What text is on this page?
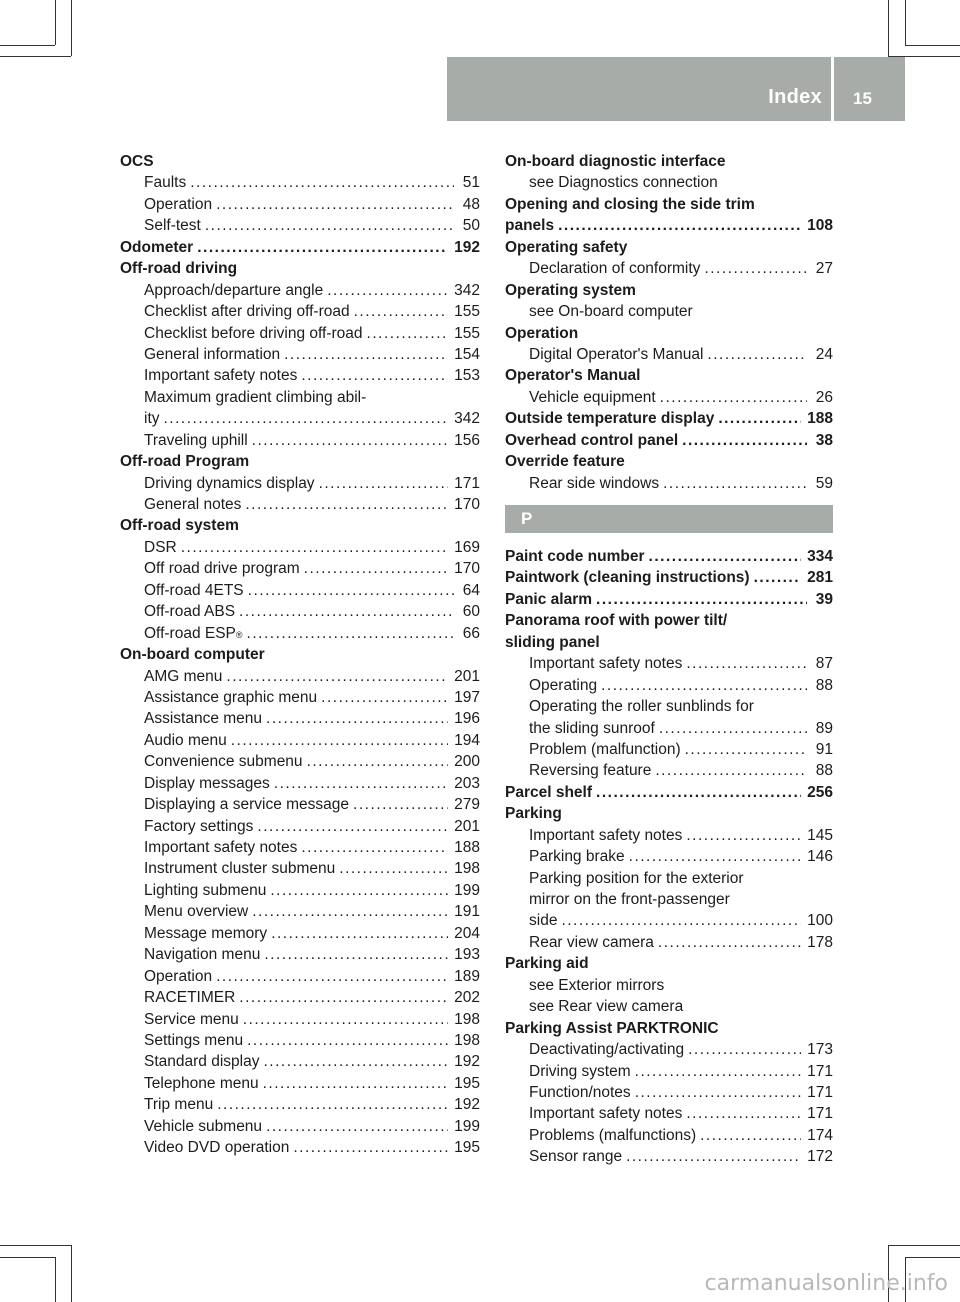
Index 15
OCS
Faults .....	51
Operation .....	48
Self-test .....	50
Odometer .....	192
Off-road driving
Approach/departure angle .....	342
Checklist after driving off-road .....	155
Checklist before driving off-road .....	155
General information .....	154
Important safety notes .....	153
Maximum gradient climbing abil-
ity .....	342
Traveling uphill .....	156
Off-road Program
Driving dynamics display .....	171
General notes .....	170
Off-road system
DSR .....	169
Off road drive program .....	170
Off-road 4ETS .....	64
Off-road ABS .....	60
Off-road ESP ® .....	66
On-board computer
AMG menu .....	201
Assistance graphic menu .....	197
Assistance menu .....	196
Audio menu .....	194
Convenience submenu .....	200
Display messages .....	203
Displaying a service message .....	279
Factory settings .....	201
Important safety notes .....	188
Instrument cluster submenu .....	198
Lighting submenu .....	199
Menu overview .....	191
Message memory .....	204
Navigation menu .....	193
Operation .....	189
RACETIMER .....	202
Service menu .....	198
Settings menu .....	198
Standard display .....	192
Telephone menu .....	195
Trip menu .....	192
Vehicle submenu .....	199
Video DVD operation .....	195
On-board diagnostic interface
see Diagnostics connection
Opening and closing the side trim
panels .....	108
Operating safety
Declaration of conformity .....	27
Operating system
see On-board computer
Operation
Digital Operator's Manual .....	24
Operator's Manual
Vehicle equipment .....	26
Outside temperature display .....	188
Overhead control panel .....	38
Override feature
Rear side windows .....	59
P
Paint code number .....	334
Paintwork (cleaning instructions) .....	281
Panic alarm .....	39
Panorama roof with power tilt/
sliding panel
Important safety notes .....	87
Operating .....	88
Operating the roller sunblinds for
the sliding sunroof .....	89
Problem (malfunction) .....	91
Reversing feature .....	88
Parcel shelf .....	256
Parking
Important safety notes .....	145
Parking brake .....	146
Parking position for the exterior
mirror on the front-passenger
side .....	100
Rear view camera .....	178
Parking aid
see Exterior mirrors
see Rear view camera
Parking Assist PARKTRONIC
Deactivating/activating .....	173
Driving system .....	171
Function/notes .....	171
Important safety notes .....	171
Problems (malfunctions) .....	174
Sensor range .....	172
carmanualsonline.info
